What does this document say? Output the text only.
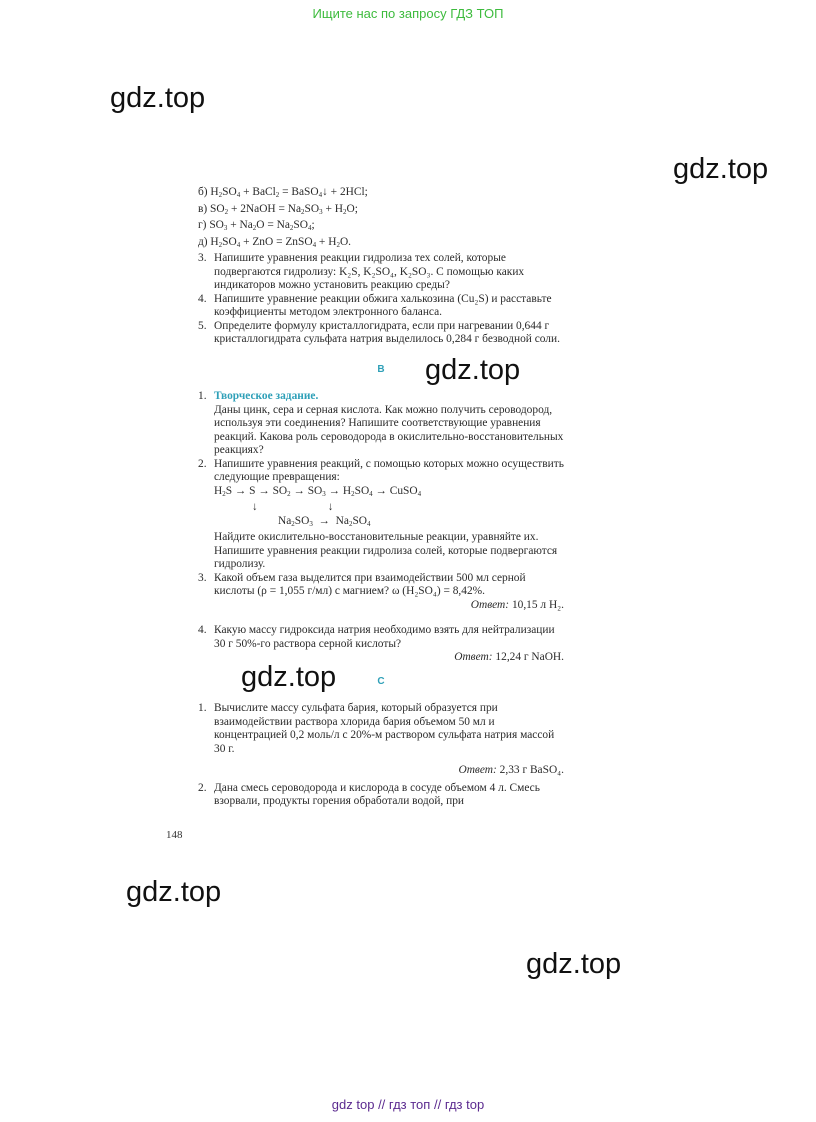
Ищите нас по запросу ГДЗ ТОП
gdz.top
gdz.top
gdz.top
gdz.top
gdz.top
gdz.top
б) $H_2SO_4$ + BaCl$_2$ = BaSO$_4$↓ + 2HCl;
в) $SO_2$ + 2NaOH = $Na_2SO_3 + H_2O$;
г) $SO_3 + Na_2O = Na_2SO_4$;
д) $H_2SO_4$ + ZnO = ZnSO$_4$ + $H_2O$.
3. Напишите уравнения реакции гидролиза тех солей, которые подвергаются гидролизу: K₂S, K₂SO₄, K₂SO₃. С помощью каких индикаторов можно установить реакцию среды?
4. Напишите уравнение реакции обжига халькозина (Cu₂S) и расставьте коэффициенты методом электронного баланса.
5. Определите формулу кристаллогидрата, если при нагревании 0,644 г кристаллогидрата сульфата натрия выделилось 0,284 г безводной соли.
B
1. Творческое задание.
Даны цинк, сера и серная кислота. Как можно получить сероводород, используя эти соединения? Напишите соответствующие уравнения реакций. Какова роль сероводорода в окислительно-восстановительных реакциях?
2. Напишите уравнения реакций, с помощью которых можно осуществить следующие превращения:
$H_2S \to S \to SO_2 \to SO_3 \to H_2SO_4$ → CuSO$_4$
↓	↓
$Na_2SO_3 \to Na_2SO_4$
Найдите окислительно-восстановительные реакции, уравняйте их. Напишите уравнения реакции гидролиза солей, которые подвергаются гидролизу.
3. Какой объем газа выделится при взаимодействии 500 мл серной кислоты (ρ = 1,055 г/мл) с магнием? ω (H₂SO₄) = 8,42%.

Ответ: 10,15 л H₂.

4. Какую массу гидроксида натрия необходимо взять для нейтрализации 30 г 50%-го раствора серной кислоты?

Ответ: 12,24 г NaOH.

C
1. Вычислите массу сульфата бария, который образуется при взаимодействии раствора хлорида бария объемом 50 мл и концентрацией 0,2 моль/л с 20%-м раствором сульфата натрия массой 30 г.

Ответ: 2,33 г BaSO₄.

2. Дана смесь сероводорода и кислорода в сосуде объемом 4 л. Смесь взорвали, продукты горения обработали водой, при
148
gdz top // гдз топ // гдз top
